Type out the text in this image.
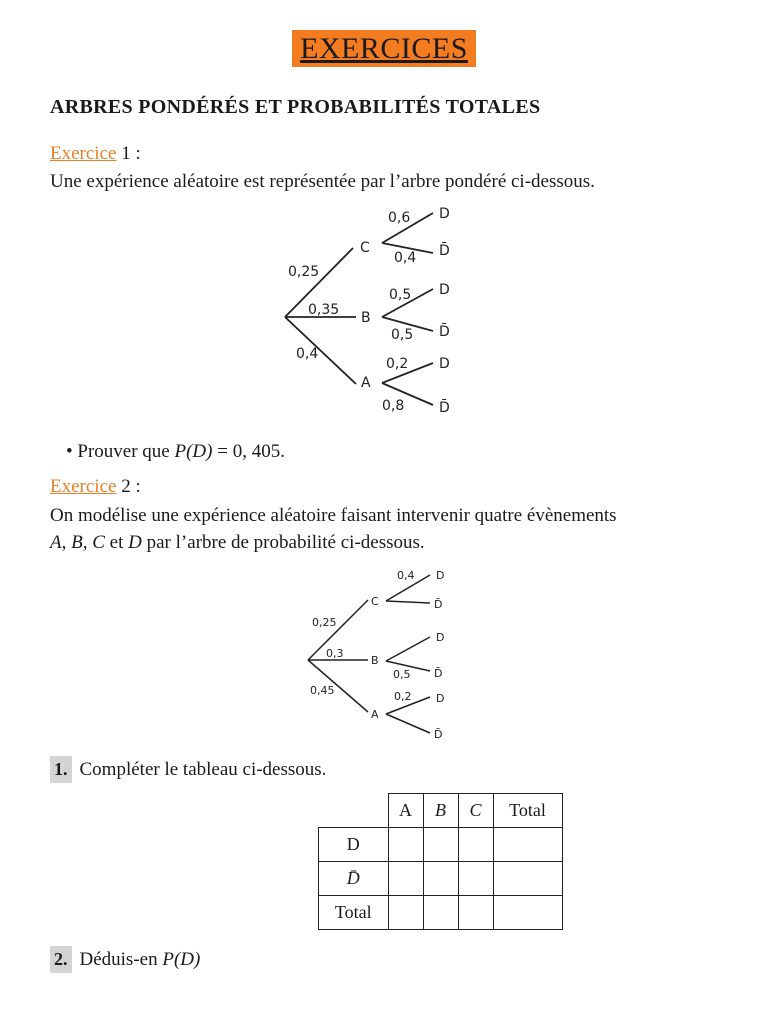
EXERCICES
ARBRES PONDÉRÉS ET PROBABILITÉS TOTALES
Exercice 1 :
Une expérience aléatoire est représentée par l’arbre pondéré ci-dessous.
0,25
0,35
0,4
C
B
A
0,6
0,4
0,5
0,5
0,2
0,8
D
D̄
D
D̄
D
D̄
• Prouver que P(D) = 0, 405.
Exercice 2 :
On modélise une expérience aléatoire faisant intervenir quatre évènements
A, B, C et D par l’arbre de probabilité ci-dessous.
0,25
0,3
0,45
C
B
A
0,4
0,5
0,2
D
D̄
D
D̄
D
D̄
1. Compléter le tableau ci-dessous.
	A	B	C	Total
D				
D̄				
Total				
2. Déduis-en P(D)
